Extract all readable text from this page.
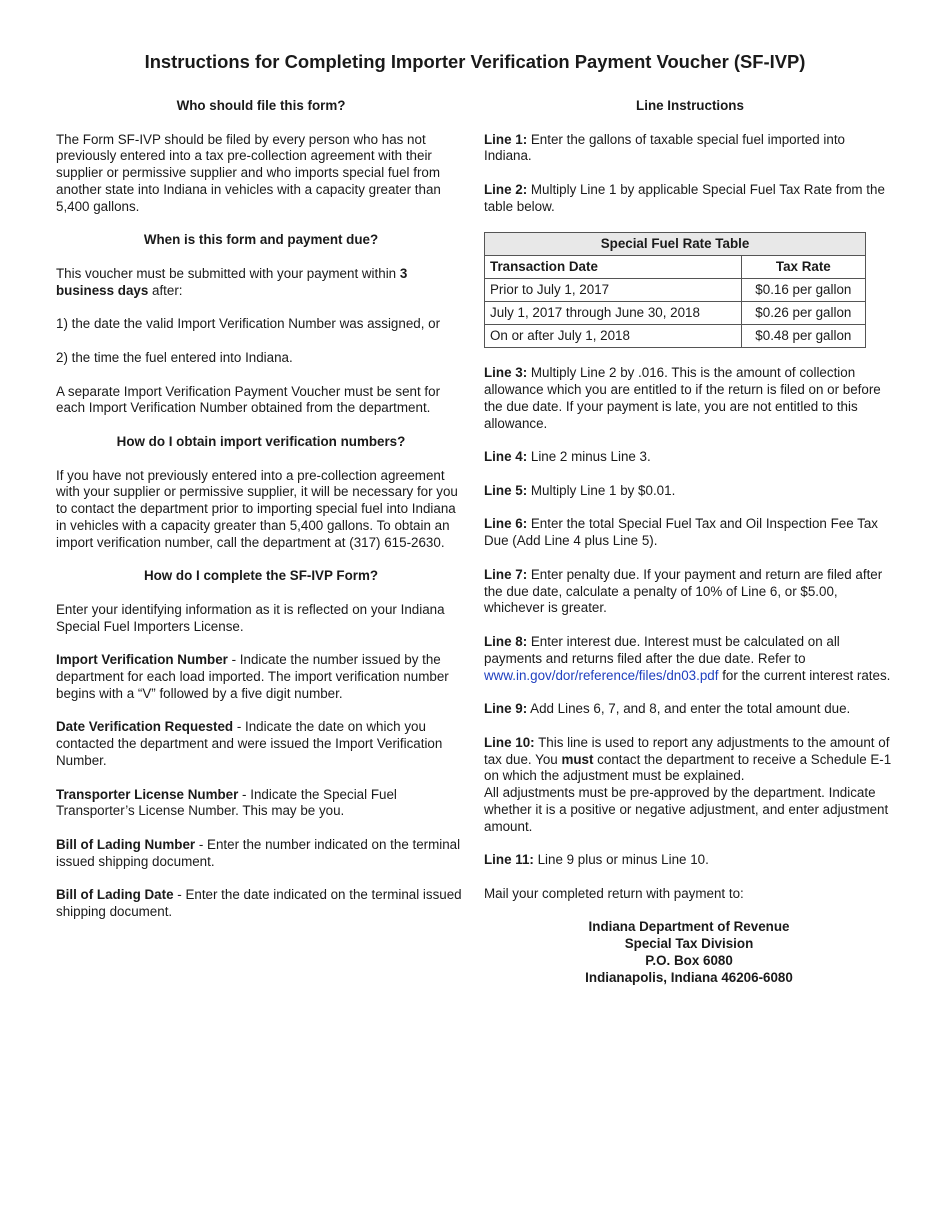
Instructions for Completing Importer Verification Payment Voucher (SF-IVP)

Who should file this form?

The Form SF-IVP should be filed by every person who has not previously entered into a tax pre-collection agreement with their supplier or permissive supplier and who imports special fuel from another state into Indiana in vehicles with a capacity greater than 5,400 gallons.

When is this form and payment due?

This voucher must be submitted with your payment within 3 business days after:

1) the date the valid Import Verification Number was assigned, or

2) the time the fuel entered into Indiana.

A separate Import Verification Payment Voucher must be sent for each Import Verification Number obtained from the department.

How do I obtain import verification numbers?

If you have not previously entered into a pre-collection agreement with your supplier or permissive supplier, it will be necessary for you to contact the department prior to importing special fuel into Indiana in vehicles with a capacity greater than 5,400 gallons. To obtain an import verification number, call the department at (317) 615-2630.

How do I complete the SF-IVP Form?

Enter your identifying information as it is reflected on your Indiana Special Fuel Importers License.

Import Verification Number - Indicate the number issued by the department for each load imported. The import verification number begins with a “V” followed by a five digit number.

Date Verification Requested - Indicate the date on which you contacted the department and were issued the Import Verification Number.

Transporter License Number - Indicate the Special Fuel Transporter’s License Number. This may be you.

Bill of Lading Number - Enter the number indicated on the terminal issued shipping document.

Bill of Lading Date - Enter the date indicated on the terminal issued shipping document.

Line Instructions

Line 1: Enter the gallons of taxable special fuel imported into Indiana.

Line 2: Multiply Line 1 by applicable Special Fuel Tax Rate from the table below.

Special Fuel Rate Table	
Transaction Date	Tax Rate
Prior to July 1, 2017	$0.16 per gallon
July 1, 2017 through June 30, 2018	$0.26 per gallon
On or after July 1, 2018	$0.48 per gallon

Line 3: Multiply Line 2 by .016. This is the amount of collection allowance which you are entitled to if the return is filed on or before the due date. If your payment is late, you are not entitled to this allowance.

Line 4: Line 2 minus Line 3.

Line 5: Multiply Line 1 by $0.01.

Line 6: Enter the total Special Fuel Tax and Oil Inspection Fee Tax Due (Add Line 4 plus Line 5).

Line 7: Enter penalty due. If your payment and return are filed after the due date, calculate a penalty of 10% of Line 6, or $5.00, whichever is greater.

Line 8: Enter interest due. Interest must be calculated on all payments and returns filed after the due date. Refer to www.in.gov/dor/reference/files/dn03.pdf for the current interest rates.

Line 9: Add Lines 6, 7, and 8, and enter the total amount due.

Line 10: This line is used to report any adjustments to the amount of tax due. You must contact the department to receive a Schedule E-1 on which the adjustment must be explained.
All adjustments must be pre-approved by the department. Indicate whether it is a positive or negative adjustment, and enter adjustment amount.

Line 11: Line 9 plus or minus Line 10.

Mail your completed return with payment to:

Indiana Department of Revenue
Special Tax Division
P.O. Box 6080
Indianapolis, Indiana 46206-6080
